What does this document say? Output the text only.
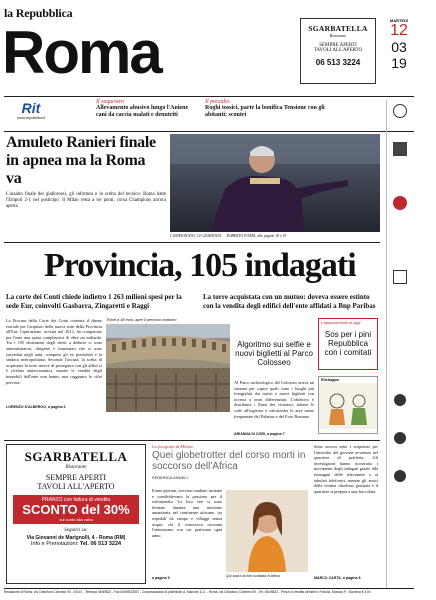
la Repubblica
Roma	SGARBATELLA
Ristorante
SEMPRE APERTI
TAVOLI ALL'APERTO
06 513 3224
MARTEDÌ
12
03
19
Rit
roma.repubblica.it
Il sequestro
Allevamento abusivo lungo l'Aniene cani da caccia malati e denutriti
Il presidio
Roghi tossici, parte la bonifica Tensione con gli abitanti: scontri
Amuleto Ranieri finale in apnea ma la Roma va
L'assalto finale dei giallorossi, gli infortuni e la scelta del tecnico: Roma batte l'Empoli 2-1 nel posticipo. Il Milan resta a tre punti, corsa Champions ancora aperta
CAMPIONATO, 12ª GIORNATA ROBERTO FORNI, alle pagine 18 e 19
Provincia, 105 indagati
La corte dei Conti chiede indietro 1 263 milioni spesi per la sede Eur, coinvolti Gasbarra, Zingaretti e Raggi
La torre acquistata con un mutuo: doveva essere estinto con la vendita degli edifici dell'ente affidati a Bnp Paribas
La Procura della Corte dei Conti contesta il danno erariale per l'acquisto della nuova sede della Provincia all'Eur: l'operazione, avviata nel 2012, ha comportato per l'ente una spesa complessiva di oltre un miliardo. Tra i 105 destinatari degli inviti a dedurre ci sono amministratori, dirigenti e funzionari che si sono succeduti negli anni, compresi gli ex presidenti e la sindaca metropolitana. Secondo l'accusa, la scelta di acquistare la torre invece di proseguire con gli affitti si è rivelata antieconomica, mentre le vendite degli immobili dell'ente non hanno mai raggiunto le cifre previste.
LORENZO D'ALBERGO, a pagina 3
Ticket a 48 euro, apre il percorso notturno
Algoritmo sui selfie e nuovi biglietti al Parco Colosseo
Al Parco archeologico del Colosseo arriva un sistema per capire quali sono i luoghi più fotografati dai turisti e nuovi biglietti con accessi a orari differenziati. L'obiettivo è distribuire i flussi dei visitatori, ridurre le code all'ingresso e valorizzare le aree meno frequentate del Palatino e del Foro Romano.
ARIANNA DI CORI, a pagina 7
L'appuntamento di oggi
Sos per i pini Repubblica con i comitati
Ellekappa
SGARBATELLA
Ristorante
SEMPRE APERTI
TAVOLI ALL'APERTO
PRANZO con fattura di vendita
SCONTO del 30%
sul conto alla carta
Seguitci su:
Via Giovanni de Marignolli, 4 - Roma (RM)
Info e Prenotazioni: Tel. 06 513 3224
La fotografa di Milano
Quei globetrotter del corso morti in soccorso dell'Africa
FEDERICA ANGELI
Erano giovani, avevano studiato insieme e condividevano la passione per il volontariato. Le loro vite si sono fermate durante una missione umanitaria nel continente africano, tra ospedali da campo e villaggi senza acqua: chi li conosceva racconta l'entusiasmo con cui partivano ogni anno.
Qui sopra la foto scattata in Africa
a pagina 9
Sono ancora sette i sospettati per l'omicidio del giovane avvenuto nel quartiere di periferia. Gli investigatori hanno ricostruito i movimenti degli indagati grazie alle immagini delle telecamere e ai tabulati telefonici, mentre gli amici della vittima chiedono giustizia e il quartiere si prepara a una fiaccolata.
MARCO CARTA, a pagina 8
Redazione di Roma: via Cristoforo Colombo 90 - 00147 - Telefono 06/49821 - Fax 06/49822923 - Concessionaria di pubblicità: A. Manzoni & C. - Roma, via Cristoforo Colombo 90 - Tel. 06/49822 - Prezzi di vendita all'estero: Francia, Monaco P., Slovenia € 3,00
